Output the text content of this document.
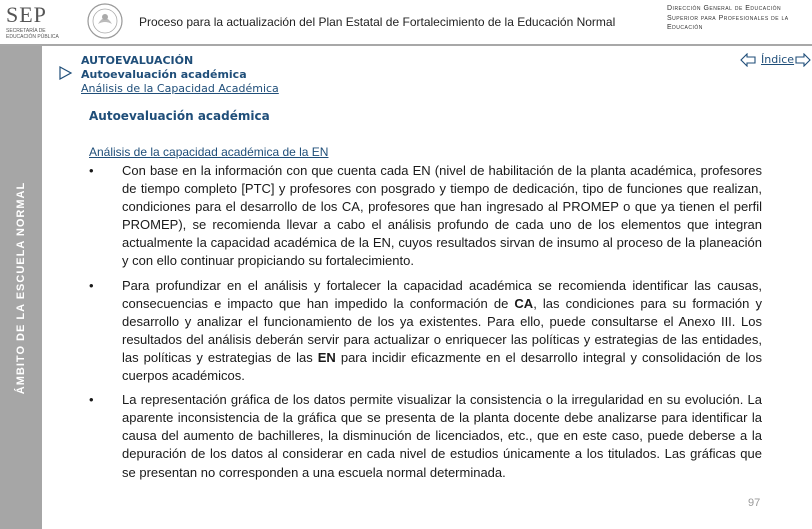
SEP
SECRETARÍA DE EDUCACIÓN PÚBLICA
Proceso para la actualización del Plan Estatal de Fortalecimiento de la Educación Normal
Dirección General de Educación Superior para Profesionales de la Educación
ÁMBITO DE LA ESCUELA NORMAL
AUTOEVALUACIÓN
Autoevaluación académica
Análisis de la Capacidad Académica
Índice
Autoevaluación académica
Análisis de la capacidad académica de la EN
• Con base en la información con que cuenta cada EN (nivel de habilitación de la planta académica, profesores de tiempo completo [PTC] y profesores con posgrado y tiempo de dedicación, tipo de funciones que realizan, condiciones para el desarrollo de los CA, profesores que han ingresado al PROMEP o que ya tienen el perfil PROMEP), se recomienda llevar a cabo el análisis profundo de cada uno de los elementos que integran actualmente la capacidad académica de la EN, cuyos resultados sirvan de insumo al proceso de la planeación y con ello continuar propiciando su fortalecimiento.
• Para profundizar en el análisis y fortalecer la capacidad académica se recomienda identificar las causas, consecuencias e impacto que han impedido la conformación de CA, las condiciones para su formación y desarrollo y analizar el funcionamiento de los ya existentes. Para ello, puede consultarse el Anexo III. Los resultados del análisis deberán servir para actualizar o enriquecer las políticas y estrategias de las entidades, las políticas y estrategias de las EN para incidir eficazmente en el desarrollo integral y consolidación de los cuerpos académicos.
• La representación gráfica de los datos permite visualizar la consistencia o la irregularidad en su evolución. La aparente inconsistencia de la gráfica que se presenta de la planta docente debe analizarse para identificar la causa del aumento de bachilleres, la disminución de licenciados, etc., que en este caso, puede deberse a la depuración de los datos al considerar en cada nivel de estudios únicamente a los titulados. Las gráficas que se presentan no corresponden a una escuela normal determinada.
97
